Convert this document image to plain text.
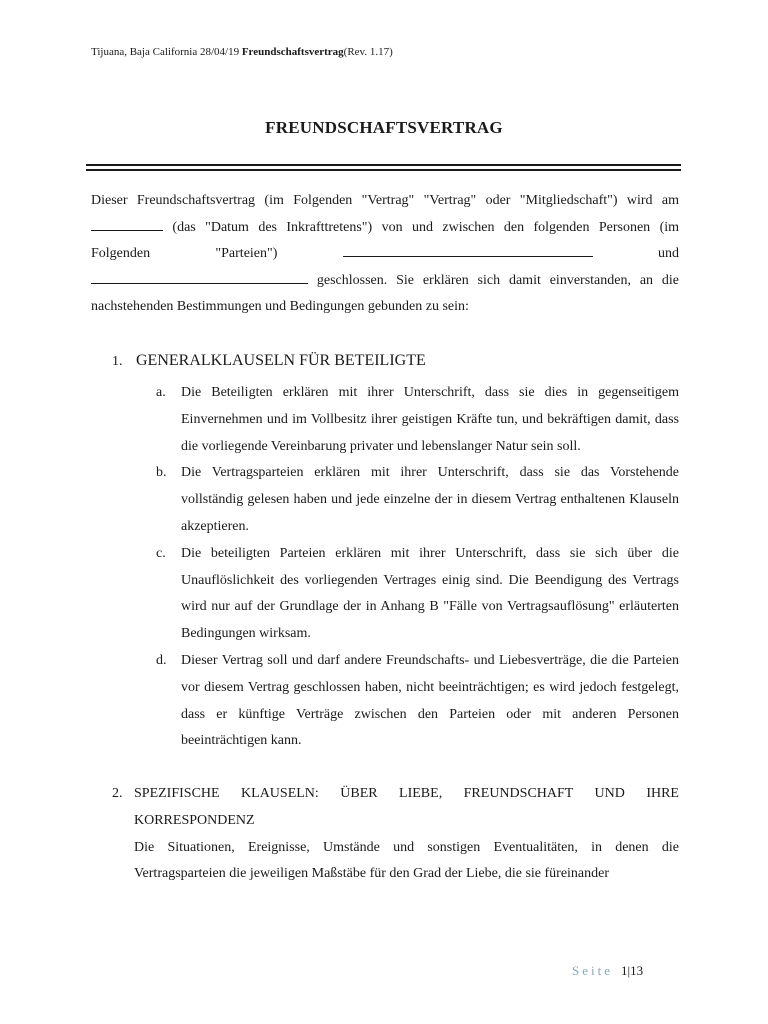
Tijuana, Baja California 28/04/19 Freundschaftsvertrag(Rev. 1.17)
FREUNDSCHAFTSVERTRAG
Dieser Freundschaftsvertrag (im Folgenden "Vertrag" "Vertrag" oder "Mitgliedschaft") wird am
(das "Datum des Inkrafttretens") von und zwischen den folgenden Personen (im
Folgenden	"Parteien")	und
geschlossen. Sie erklären sich damit einverstanden, an die
nachstehenden Bestimmungen und Bedingungen gebunden zu sein:
1. GENERALKLAUSELN FÜR BETEILIGTE
a. Die Beteiligten erklären mit ihrer Unterschrift, dass sie dies in gegenseitigem Einvernehmen und im Vollbesitz ihrer geistigen Kräfte tun, und bekräftigen damit, dass die vorliegende Vereinbarung privater und lebenslanger Natur sein soll.
b. Die Vertragsparteien erklären mit ihrer Unterschrift, dass sie das Vorstehende vollständig gelesen haben und jede einzelne der in diesem Vertrag enthaltenen Klauseln akzeptieren.
c. Die beteiligten Parteien erklären mit ihrer Unterschrift, dass sie sich über die Unauflöslichkeit des vorliegenden Vertrages einig sind. Die Beendigung des Vertrags wird nur auf der Grundlage der in Anhang B "Fälle von Vertragsauflösung" erläuterten Bedingungen wirksam.
d. Dieser Vertrag soll und darf andere Freundschafts- und Liebesverträge, die die Parteien vor diesem Vertrag geschlossen haben, nicht beeinträchtigen; es wird jedoch festgelegt, dass er künftige Verträge zwischen den Parteien oder mit anderen Personen beeinträchtigen kann.
2. SPEZIFISCHE KLAUSELN: ÜBER LIEBE, FREUNDSCHAFT UND IHRE KORRESPONDENZ
Die Situationen, Ereignisse, Umstände und sonstigen Eventualitäten, in denen die Vertragsparteien die jeweiligen Maßstäbe für den Grad der Liebe, die sie füreinander
Seite 1|13
